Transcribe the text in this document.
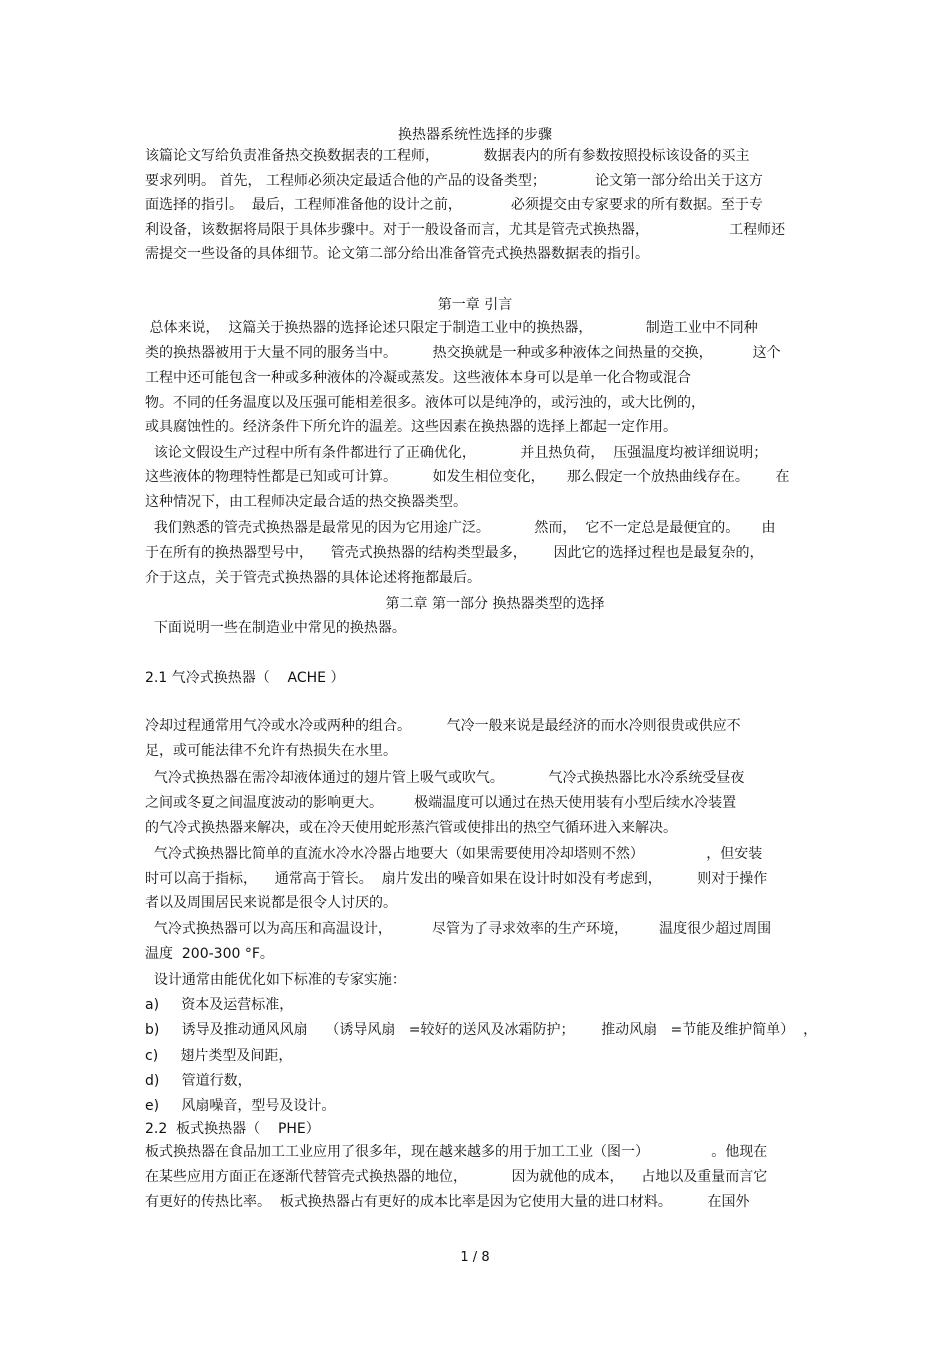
换热器系统性选择的步骤
该篇论文写给负责准备热交换数据表的工程师，          数据表内的所有参数按照投标该设备的买主
要求列明。 首先， 工程师必须决定最适合他的产品的设备类型；           论文第一部分给出关于这方
面选择的指引。  最后，工程师准备他的设计之前，           必须提交由专家要求的所有数据。至于专
利设备，该数据将局限于具体步骤中。对于一般设备而言，尤其是管壳式换热器，                  工程师还
需提交一些设备的具体细节。论文第二部分给出准备管壳式换热器数据表的指引。
第一章 引言
总体来说，  这篇关于换热器的选择论述只限定于制造工业中的换热器，            制造工业中不同种
类的换热器被用于大量不同的服务当中。        热交换就是一种或多种液体之间热量的交换，         这个
工程中还可能包含一种或多种液体的冷凝或蒸发。这些液体本身可以是单一化合物或混合
物。不同的任务温度以及压强可能相差很多。液体可以是纯净的，或污浊的，或大比例的，
或具腐蚀性的。经济条件下所允许的温差。这些因素在换热器的选择上都起一定作用。
该论文假设生产过程中所有条件都进行了正确优化，          并且热负荷，  压强温度均被详细说明；
这些液体的物理特性都是已知或可计算。        如发生相位变化，     那么假定一个放热曲线存在。      在
这种情况下，由工程师决定最合适的热交换器类型。
我们熟悉的管壳式换热器是最常见的因为它用途广泛。          然而，  它不一定总是最便宜的。     由
于在所有的换热器型号中，    管壳式换热器的结构类型最多，      因此它的选择过程也是最复杂的，
介于这点，关于管壳式换热器的具体论述将拖都最后。
第二章 第一部分 换热器类型的选择
下面说明一些在制造业中常见的换热器。
2.1 气冷式换热器（    ACHE ）
冷却过程通常用气冷或水冷或两种的组合。        气冷一般来说是最经济的而水冷则很贵或供应不
足，或可能法律不允许有热损失在水里。
气冷式换热器在需冷却液体通过的翅片管上吸气或吹气。          气冷式换热器比水冷系统受昼夜
之间或冬夏之间温度波动的影响更大。       极端温度可以通过在热天使用装有小型后续水冷装置
的气冷式换热器来解决，或在冷天使用蛇形蒸汽管或使排出的热空气循环进入来解决。
气冷式换热器比简单的直流水冷水冷器占地要大（如果需要使用冷却塔则不然）              ，但安装
时可以高于指标，    通常高于管长。  扇片发出的噪音如果在设计时如没有考虑到，        则对于操作
者以及周围居民来说都是很令人讨厌的。
气冷式换热器可以为高压和高温设计，         尽管为了寻求效率的生产环境，       温度很少超过周围
温度  200-300 °F。
设计通常由能优化如下标准的专家实施：
a)     资本及运营标准，
b)     诱导及推动通风风扇    （诱导风扇   =较好的送风及冰霜防护；      推动风扇   =节能及维护简单）  ，
c)     翅片类型及间距，
d)     管道行数，
e)     风扇噪音，型号及设计。
2.2  板式换热器（    PHE）
板式换热器在食品加工工业应用了很多年，现在越来越多的用于加工工业（图一）              。他现在
在某些应用方面正在逐渐代替管壳式换热器的地位，          因为就他的成本，    占地以及重量而言它
有更好的传热比率。  板式换热器占有更好的成本比率是因为它使用大量的进口材料。        在国外
1 / 8
